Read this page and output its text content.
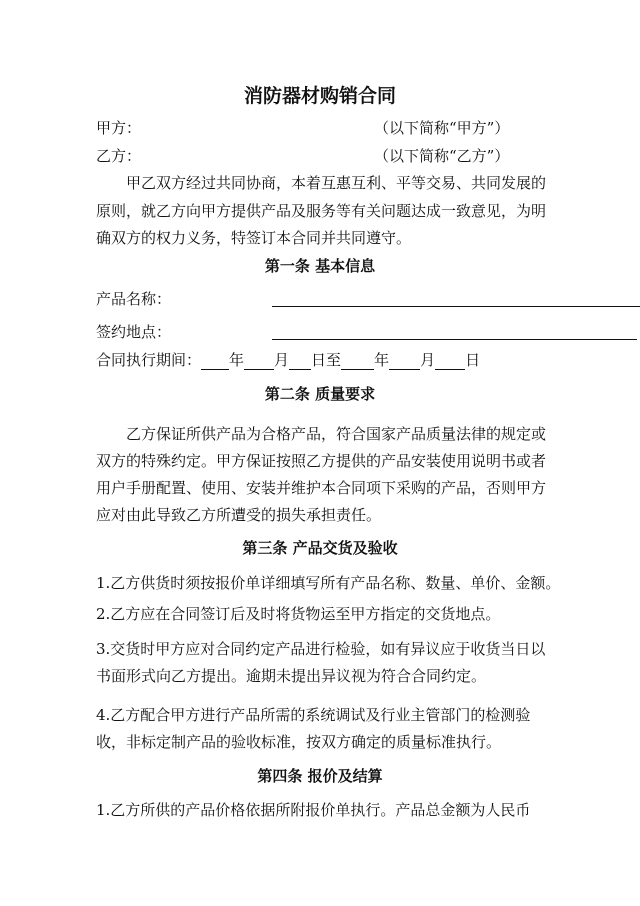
消防器材购销合同
甲方：	（以下简称“甲方”）
乙方：	（以下简称“乙方”）
甲乙双方经过共同协商，本着互惠互利、平等交易、共同发展的
原则，就乙方向甲方提供产品及服务等有关问题达成一致意见，为明
确双方的权力义务，特签订本合同并共同遵守。
第一条 基本信息
产品名称：
签约地点：
合同执行期间： 年 月 日至 年 月 日
第二条 质量要求
乙方保证所供产品为合格产品，符合国家产品质量法律的规定或
双方的特殊约定。甲方保证按照乙方提供的产品安装使用说明书或者
用户手册配置、使用、安装并维护本合同项下采购的产品，否则甲方
应对由此导致乙方所遭受的损失承担责任。
第三条 产品交货及验收
1.乙方供货时须按报价单详细填写所有产品名称、数量、单价、金额。
2.乙方应在合同签订后及时将货物运至甲方指定的交货地点。
3.交货时甲方应对合同约定产品进行检验，如有异议应于收货当日以
书面形式向乙方提出。逾期未提出异议视为符合合同约定。
4.乙方配合甲方进行产品所需的系统调试及行业主管部门的检测验
收，非标定制产品的验收标准，按双方确定的质量标准执行。
第四条 报价及结算
1.乙方所供的产品价格依据所附报价单执行。产品总金额为人民币
